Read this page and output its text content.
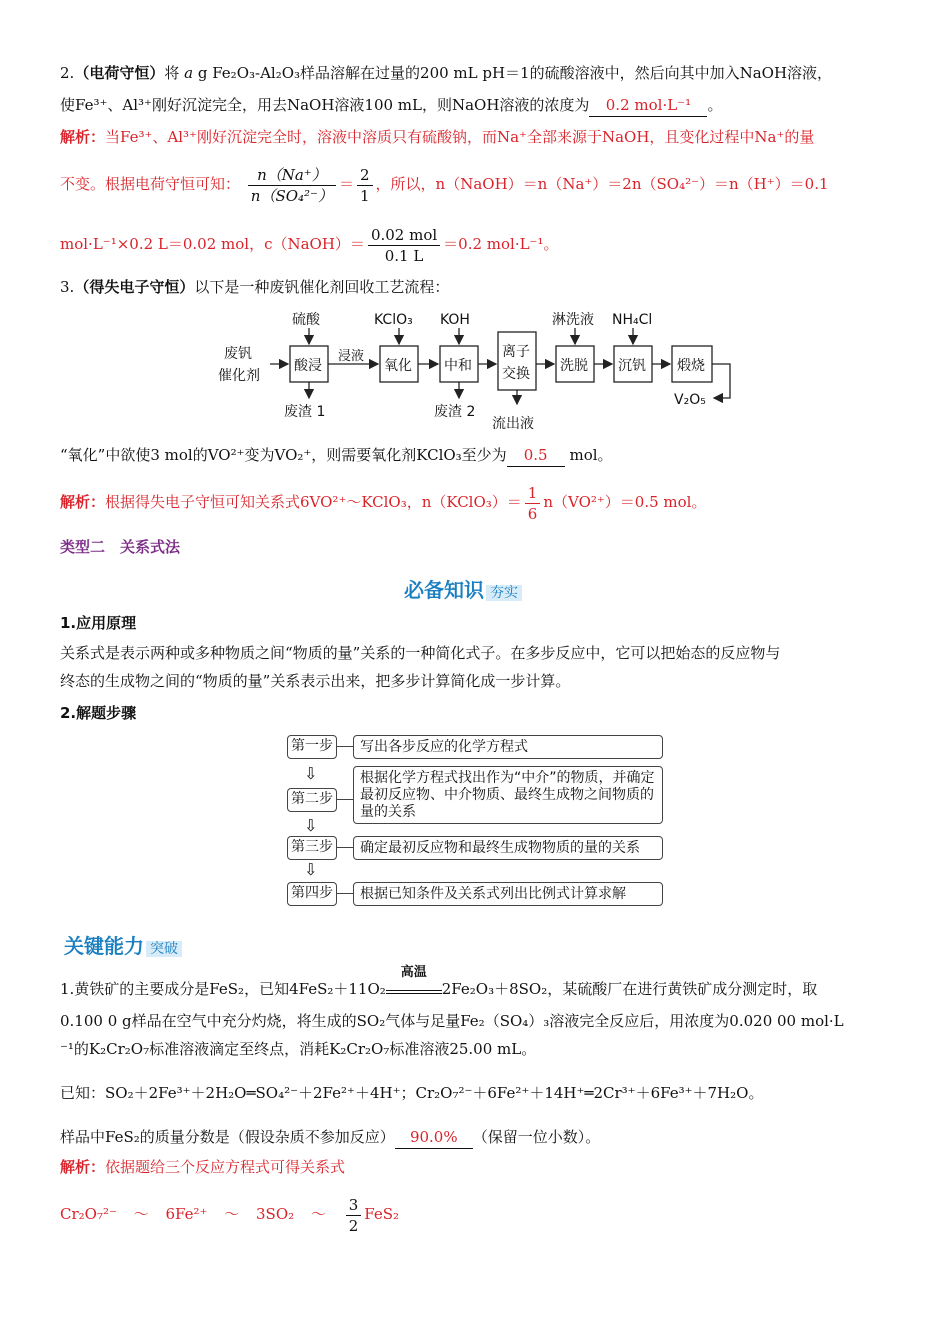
2.（电荷守恒）将 a g Fe₂O₃-Al₂O₃样品溶解在过量的200 mL pH＝1的硫酸溶液中，然后向其中加入NaOH溶液，
使Fe³⁺、Al³⁺刚好沉淀完全，用去NaOH溶液100 mL，则NaOH溶液的浓度为 0.2 mol·L⁻¹ 。
解析：当Fe³⁺、Al³⁺刚好沉淀完全时，溶液中溶质只有硫酸钠，而Na⁺全部来源于NaOH，且变化过程中Na⁺的量
不变。根据电荷守恒可知： $\frac{n(Na^+)}{\text{n（SO₄²⁻）}} = \frac{2}{1}$ ，所以，n（NaOH）＝n（Na⁺）＝2n（SO₄²⁻）＝n（H⁺）＝0.1
mol·L⁻¹×0.2 L＝0.02 mol，c（NaOH）＝ $\frac{\text{0.02 mol}}{0.1 L} =0.2$ mol·L⁻¹。
3.（得失电子守恒）以下是一种废钒催化剂回收工艺流程：
废钒
催化剂
酸浸
硫酸
废渣 1
浸液
氧化
KClO₃
中和
KOH
废渣 2
离子
交换
流出液
洗脱
淋洗液
沉钒
NH₄Cl
煅烧
V₂O₅
“氧化”中欲使3 mol的VO²⁺变为VO₂⁺，则需要氧化剂KClO₃至少为 0.5 mol。
解析：根据得失电子守恒可知关系式6VO²⁺～KClO₃，n（KClO₃）＝ $\frac{1}{6} n(VO^{2+})=0.5$ mol。
类型二　关系式法
必备知识 夯实
1.应用原理
关系式是表示两种或多种物质之间“物质的量”关系的一种简化式子。在多步反应中，它可以把始态的反应物与
终态的生成物之间的“物质的量”关系表示出来，把多步计算简化成一步计算。
2.解题步骤
第一步	写出各步反应的化学方程式
⇩
第二步
根据化学方程式找出作为“中介”的物质，并确定最初反应物、中介物质、最终生成物之间物质的量的关系
⇩
第三步	确定最初反应物和最终生成物物质的量的关系
⇩
第四步	根据已知条件及关系式列出比例式计算求解
关键能力 突破
1.黄铁矿的主要成分是FeS₂，已知4FeS₂＋11O₂
高温
2Fe₂O₃＋8SO₂，某硫酸厂在进行黄铁矿成分测定时，取
0.100 0 g样品在空气中充分灼烧，将生成的SO₂气体与足量Fe₂（SO₄）₃溶液完全反应后，用浓度为0.020 00 mol·L
⁻¹的K₂Cr₂O₇标准溶液滴定至终点，消耗K₂Cr₂O₇标准溶液25.00 mL。
已知：SO₂＋2Fe³⁺＋2H₂O═SO₄²⁻＋2Fe²⁺＋4H⁺；Cr₂O₇²⁻＋6Fe²⁺＋14H⁺═2Cr³⁺＋6Fe³⁺＋7H₂O。
样品中FeS₂的质量分数是（假设杂质不参加反应） 90.0% （保留一位小数）。
解析：依据题给三个反应方程式可得关系式
Cr₂O₇²⁻ ～ 6Fe²⁺ ～ 3SO₂ ～ $\frac{3}{2} FeS_2$
